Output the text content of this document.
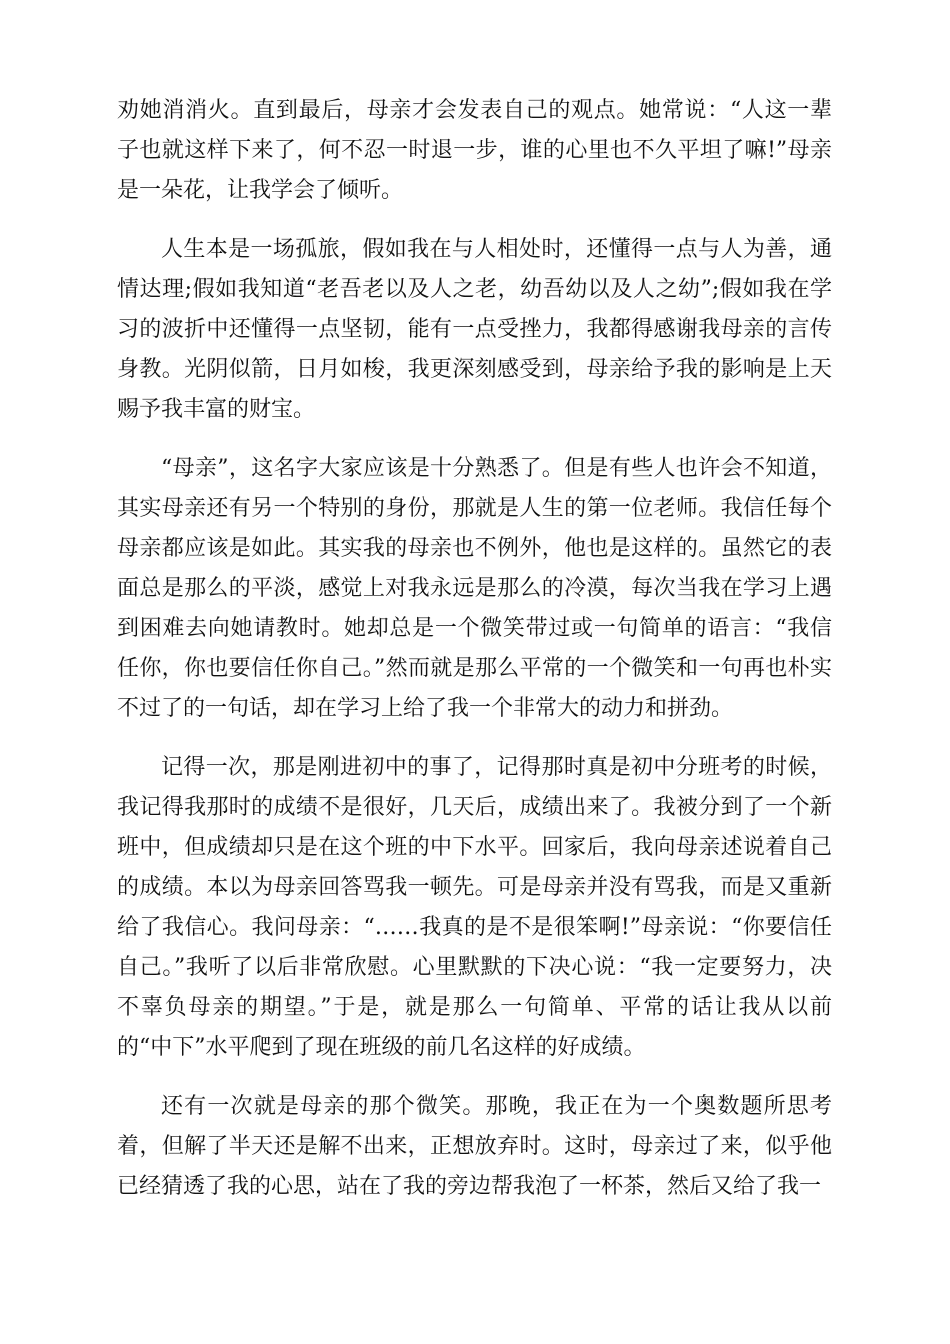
劝她消消火。直到最后，母亲才会发表自己的观点。她常说：“人这一辈子也就这样下来了，何不忍一时退一步，谁的心里也不久平坦了嘛!”母亲是一朵花，让我学会了倾听。

人生本是一场孤旅，假如我在与人相处时，还懂得一点与人为善，通情达理;假如我知道“老吾老以及人之老，幼吾幼以及人之幼”;假如我在学习的波折中还懂得一点坚韧，能有一点受挫力，我都得感谢我母亲的言传身教。光阴似箭，日月如梭，我更深刻感受到，母亲给予我的影响是上天赐予我丰富的财宝。

“母亲”，这名字大家应该是十分熟悉了。但是有些人也许会不知道，其实母亲还有另一个特别的身份，那就是人生的第一位老师。我信任每个母亲都应该是如此。其实我的母亲也不例外，他也是这样的。虽然它的表面总是那么的平淡，感觉上对我永远是那么的冷漠，每次当我在学习上遇到困难去向她请教时。她却总是一个微笑带过或一句简单的语言：“我信任你，你也要信任你自己。”然而就是那么平常的一个微笑和一句再也朴实不过了的一句话，却在学习上给了我一个非常大的动力和拼劲。

记得一次，那是刚进初中的事了，记得那时真是初中分班考的时候，我记得我那时的成绩不是很好，几天后，成绩出来了。我被分到了一个新班中，但成绩却只是在这个班的中下水平。回家后，我向母亲述说着自己的成绩。本以为母亲回答骂我一顿先。可是母亲并没有骂我，而是又重新给了我信心。我问母亲：“……我真的是不是很笨啊!”母亲说：“你要信任自己。”我听了以后非常欣慰。心里默默的下决心说：“我一定要努力，决不辜负母亲的期望。”于是，就是那么一句简单、平常的话让我从以前的“中下”水平爬到了现在班级的前几名这样的好成绩。

还有一次就是母亲的那个微笑。那晚，我正在为一个奥数题所思考着，但解了半天还是解不出来，正想放弃时。这时，母亲过了来，似乎他已经猜透了我的心思，站在了我的旁边帮我泡了一杯茶，然后又给了我一
